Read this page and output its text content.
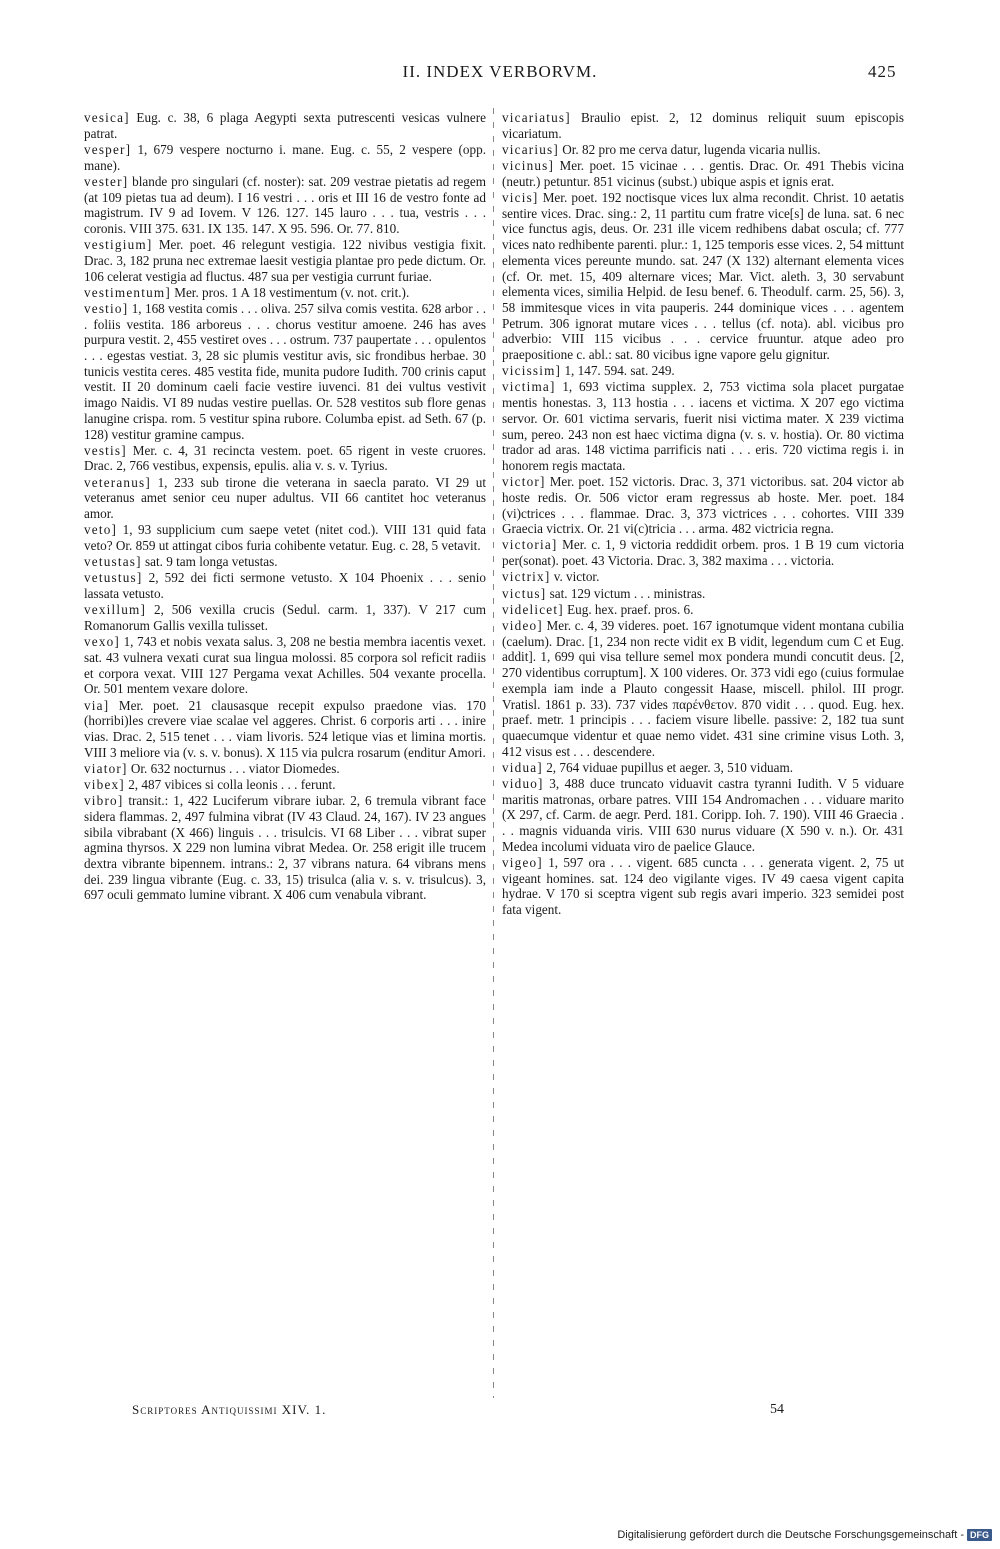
II. INDEX VERBORVM.	425
vesica] Eug. c. 38, 6 plaga Aegypti sexta putrescenti vesicas vulnere patrat.
vesper] 1, 679 vespere nocturno i. mane. Eug. c. 55, 2 vespere (opp. mane).
vester] blande pro singulari (cf. noster): sat. 209 vestrae pietatis ad regem (at 109 pietas tua ad deum). I 16 vestri . . . oris et III 16 de vestro fonte ad magistrum. IV 9 ad Iovem. V 126. 127. 145 lauro . . . tua, vestris . . . coronis. VIII 375. 631. IX 135. 147. X 95. 596. Or. 77. 810.
vestigium] Mer. poet. 46 relegunt vestigia. 122 nivibus vestigia fixit. Drac. 3, 182 pruna nec extremae laesit vestigia plantae pro pede dictum. Or. 106 celerat vestigia ad fluctus. 487 sua per vestigia currunt furiae.
vestimentum] Mer. pros. 1 A 18 vestimentum (v. not. crit.).
vestio] 1, 168 vestita comis . . . oliva. 257 silva comis vestita. 628 arbor . . . foliis vestita. 186 arboreus . . . chorus vestitur amoene. 246 has aves purpura vestit. 2, 455 vestiret oves . . . ostrum. 737 paupertate . . . opulentos . . . egestas vestiat. 3, 28 sic plumis vestitur avis, sic frondibus herbae. 30 tunicis vestita ceres. 485 vestita fide, munita pudore Iudith. 700 crinis caput vestit. II 20 dominum caeli facie vestire iuvenci. 81 dei vultus vestivit imago Naidis. VI 89 nudas vestire puellas. Or. 528 vestitos sub flore genas lanugine crispa. rom. 5 vestitur spina rubore. Columba epist. ad Seth. 67 (p. 128) vestitur gramine campus.
vestis] Mer. c. 4, 31 recincta vestem. poet. 65 rigent in veste cruores. Drac. 2, 766 vestibus, expensis, epulis. alia v. s. v. Tyrius.
veteranus] 1, 233 sub tirone die veterana in saecla parato. VI 29 ut veteranus amet senior ceu nuper adultus. VII 66 cantitet hoc veteranus amor.
veto] 1, 93 supplicium cum saepe vetet (nitet cod.). VIII 131 quid fata veto? Or. 859 ut attingat cibos furia cohibente vetatur. Eug. c. 28, 5 vetavit.
vetustas] sat. 9 tam longa vetustas.
vetustus] 2, 592 dei ficti sermone vetusto. X 104 Phoenix . . . senio lassata vetusto.
vexillum] 2, 506 vexilla crucis (Sedul. carm. 1, 337). V 217 cum Romanorum Gallis vexilla tulisset.
vexo] 1, 743 et nobis vexata salus. 3, 208 ne bestia membra iacentis vexet. sat. 43 vulnera vexati curat sua lingua molossi. 85 corpora sol reficit radiis et corpora vexat. VIII 127 Pergama vexat Achilles. 504 vexante procella. Or. 501 mentem vexare dolore.
via] Mer. poet. 21 clausasque recepit expulso praedone vias. 170 (horribi)les crevere viae scalae vel aggeres. Christ. 6 corporis arti . . . inire vias. Drac. 2, 515 tenet . . . viam livoris. 524 letique vias et limina mortis. VIII 3 meliore via (v. s. v. bonus). X 115 via pulcra rosarum (enditur Amori.
viator] Or. 632 nocturnus . . . viator Diomedes.
vibex] 2, 487 vibices si colla leonis . . . ferunt.
vibro] transit.: 1, 422 Luciferum vibrare iubar. 2, 6 tremula vibrant face sidera flammas. 2, 497 fulmina vibrat (IV 43 Claud. 24, 167). IV 23 angues sibila vibrabant (X 466) linguis . . . trisulcis. VI 68 Liber . . . vibrat super agmina thyrsos. X 229 non lumina vibrat Medea. Or. 258 erigit ille trucem dextra vibrante bipennem. intrans.: 2, 37 vibrans natura. 64 vibrans mens dei. 239 lingua vibrante (Eug. c. 33, 15) trisulca (alia v. s. v. trisulcus). 3, 697 oculi gemmato lumine vibrant. X 406 cum venabula vibrant.
vicariatus] Braulio epist. 2, 12 dominus reliquit suum episcopis vicariatum.
vicarius] Or. 82 pro me cerva datur, lugenda vicaria nullis.
vicinus] Mer. poet. 15 vicinae . . . gentis. Drac. Or. 491 Thebis vicina (neutr.) petuntur. 851 vicinus (subst.) ubique aspis et ignis erat.
vicis] Mer. poet. 192 noctisque vices lux alma recondit. Christ. 10 aetatis sentire vices. Drac. sing.: 2, 11 partitu cum fratre vice[s] de luna. sat. 6 nec vice functus agis, deus. Or. 231 ille vicem redhibens dabat oscula; cf. 777 vices nato redhibente parenti. plur.: 1, 125 temporis esse vices. 2, 54 mittunt elementa vices pereunte mundo. sat. 247 (X 132) alternant elementa vices (cf. Or. met. 15, 409 alternare vices; Mar. Vict. aleth. 3, 30 servabunt elementa vices, similia Helpid. de Iesu benef. 6. Theodulf. carm. 25, 56). 3, 58 immitesque vices in vita pauperis. 244 dominique vices . . . agentem Petrum. 306 ignorat mutare vices . . . tellus (cf. nota). abl. vicibus pro adverbio: VIII 115 vicibus . . . cervice fruuntur. atque adeo pro praepositione c. abl.: sat. 80 vicibus igne vapore gelu gignitur.
vicissim] 1, 147. 594. sat. 249.
victima] 1, 693 victima supplex. 2, 753 victima sola placet purgatae mentis honestas. 3, 113 hostia . . . iacens et victima. X 207 ego victima servor. Or. 601 victima servaris, fuerit nisi victima mater. X 239 victima sum, pereo. 243 non est haec victima digna (v. s. v. hostia). Or. 80 victima trador ad aras. 148 victima parrificis nati . . . eris. 720 victima regis i. in honorem regis mactata.
victor] Mer. poet. 152 victoris. Drac. 3, 371 victoribus. sat. 204 victor ab hoste redis. Or. 506 victor eram regressus ab hoste. Mer. poet. 184 (vi)ctrices . . . flammae. Drac. 3, 373 victrices . . . cohortes. VIII 339 Graecia victrix. Or. 21 vi(c)tricia . . . arma. 482 victricia regna.
victoria] Mer. c. 1, 9 victoria reddidit orbem. pros. 1 B 19 cum victoria per(sonat). poet. 43 Victoria. Drac. 3, 382 maxima . . . victoria.
victrix] v. victor.
victus] sat. 129 victum . . . ministras.
videlicet] Eug. hex. praef. pros. 6.
video] Mer. c. 4, 39 videres. poet. 167 ignotumque vident montana cubilia (caelum). Drac. [1, 234 non recte vidit ex B vidit, legendum cum C et Eug. addit]. 1, 699 qui visa tellure semel mox pondera mundi concutit deus. [2, 270 videntibus corruptum]. X 100 videres. Or. 373 vidi ego (cuius formulae exempla iam inde a Plauto congessit Haase, miscell. philol. III progr. Vratisl. 1861 p. 33). 737 vides παρένθετον. 870 vidit . . . quod. Eug. hex. praef. metr. 1 principis . . . faciem visure libelle. passive: 2, 182 tua sunt quaecumque videntur et quae nemo videt. 431 sine crimine visus Loth. 3, 412 visus est . . . descendere.
vidua] 2, 764 viduae pupillus et aeger. 3, 510 viduam.
viduo] 3, 488 duce truncato viduavit castra tyranni Iudith. V 5 viduare maritis matronas, orbare patres. VIII 154 Andromachen . . . viduare marito (X 297, cf. Carm. de aegr. Perd. 181. Coripp. Ioh. 7. 190). VIII 46 Graecia . . . magnis viduanda viris. VIII 630 nurus viduare (X 590 v. n.). Or. 431 Medea incolumi viduata viro de paelice Glauce.
vigeo] 1, 597 ora . . . vigent. 685 cuncta . . . generata vigent. 2, 75 ut vigeant homines. sat. 124 deo vigilante viges. IV 49 caesa vigent capita hydrae. V 170 si sceptra vigent sub regis avari imperio. 323 semidei post fata vigent.
Scriptores Antiquissimi XIV. 1.	54
Digitalisierung gefördert durch die Deutsche Forschungsgemeinschaft - DFG
